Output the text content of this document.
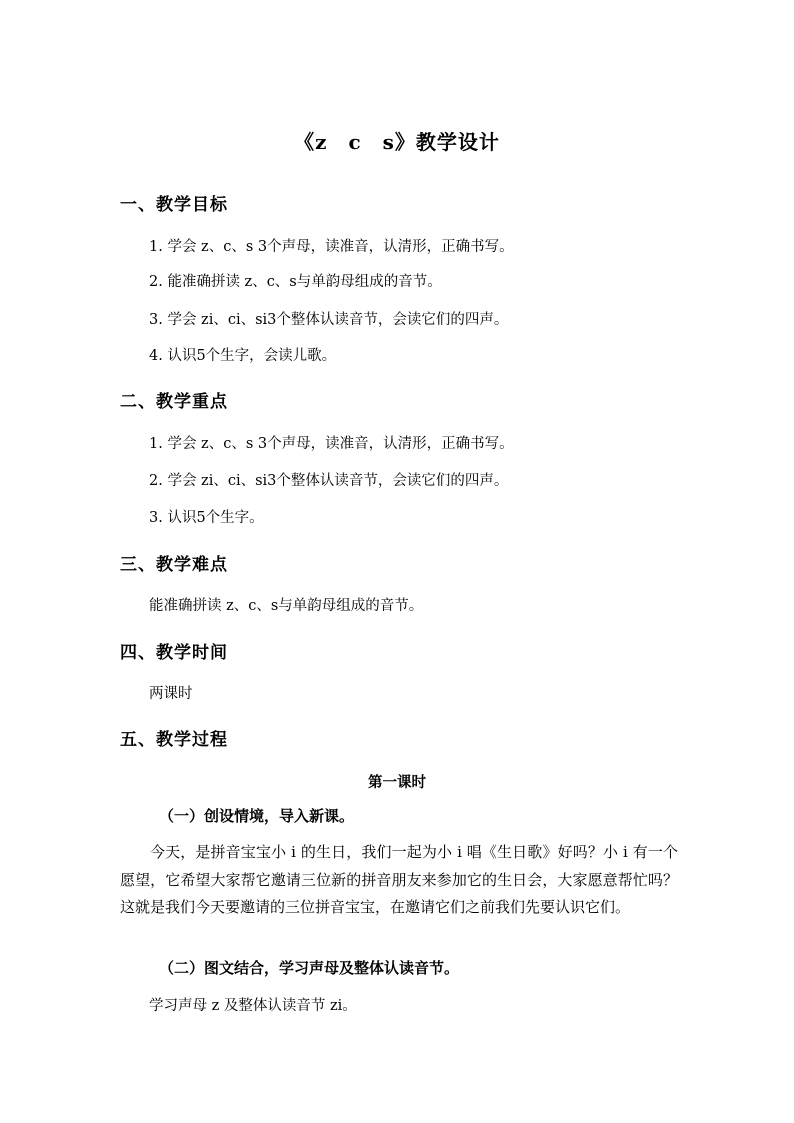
《z　c　s》教学设计
一、教学目标
1. 学会 z、c、s 3个声母，读准音，认清形，正确书写。
2. 能准确拼读 z、c、s与单韵母组成的音节。
3. 学会 zi、ci、si3个整体认读音节，会读它们的四声。
4. 认识5个生字，会读儿歌。
二、教学重点
1. 学会 z、c、s 3个声母，读准音，认清形，正确书写。
2. 学会 zi、ci、si3个整体认读音节，会读它们的四声。
3. 认识5个生字。
三、教学难点
能准确拼读 z、c、s与单韵母组成的音节。
四、教学时间
两课时
五、教学过程
第一课时
（一）创设情境，导入新课。
今天，是拼音宝宝小 i 的生日，我们一起为小 i 唱《生日歌》好吗？小 i 有一个愿望，它希望大家帮它邀请三位新的拼音朋友来参加它的生日会，大家愿意帮忙吗？这就是我们今天要邀请的三位拼音宝宝，在邀请它们之前我们先要认识它们。
（二）图文结合，学习声母及整体认读音节。
学习声母 z 及整体认读音节 zi。
